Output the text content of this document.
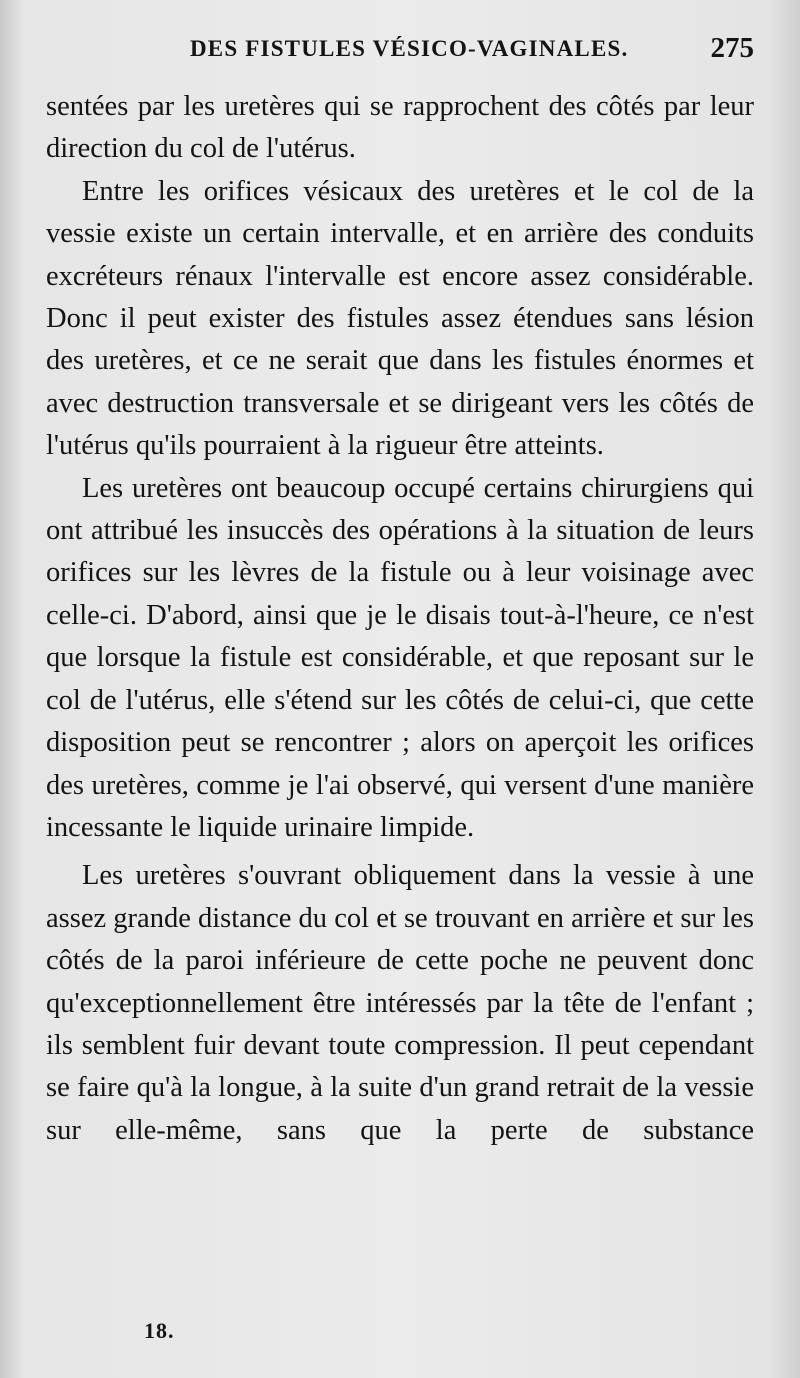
DES FISTULES VÉSICO-VAGINALES.	275

sentées par les uretères qui se rapprochent des côtés par leur direction du col de l'utérus.

Entre les orifices vésicaux des uretères et le col de la vessie existe un certain intervalle, et en arrière des conduits excréteurs rénaux l'intervalle est encore assez considérable. Donc il peut exister des fistules assez étendues sans lésion des uretères, et ce ne serait que dans les fistules énormes et avec destruction transversale et se dirigeant vers les côtés de l'utérus qu'ils pourraient à la rigueur être atteints.

Les uretères ont beaucoup occupé certains chirurgiens qui ont attribué les insuccès des opérations à la situation de leurs orifices sur les lèvres de la fistule ou à leur voisinage avec celle-ci. D'abord, ainsi que je le disais tout-à-l'heure, ce n'est que lorsque la fistule est considérable, et que reposant sur le col de l'utérus, elle s'étend sur les côtés de celui-ci, que cette disposition peut se rencontrer ; alors on aperçoit les orifices des uretères, comme je l'ai observé, qui versent d'une manière incessante le liquide urinaire limpide.

Les uretères s'ouvrant obliquement dans la vessie à une assez grande distance du col et se trouvant en arrière et sur les côtés de la paroi inférieure de cette poche ne peuvent donc qu'exceptionnellement être intéressés par la tête de l'enfant ; ils semblent fuir devant toute compression. Il peut cependant se faire qu'à la longue, à la suite d'un grand retrait de la vessie sur elle-même, sans que la perte de substance

18.
